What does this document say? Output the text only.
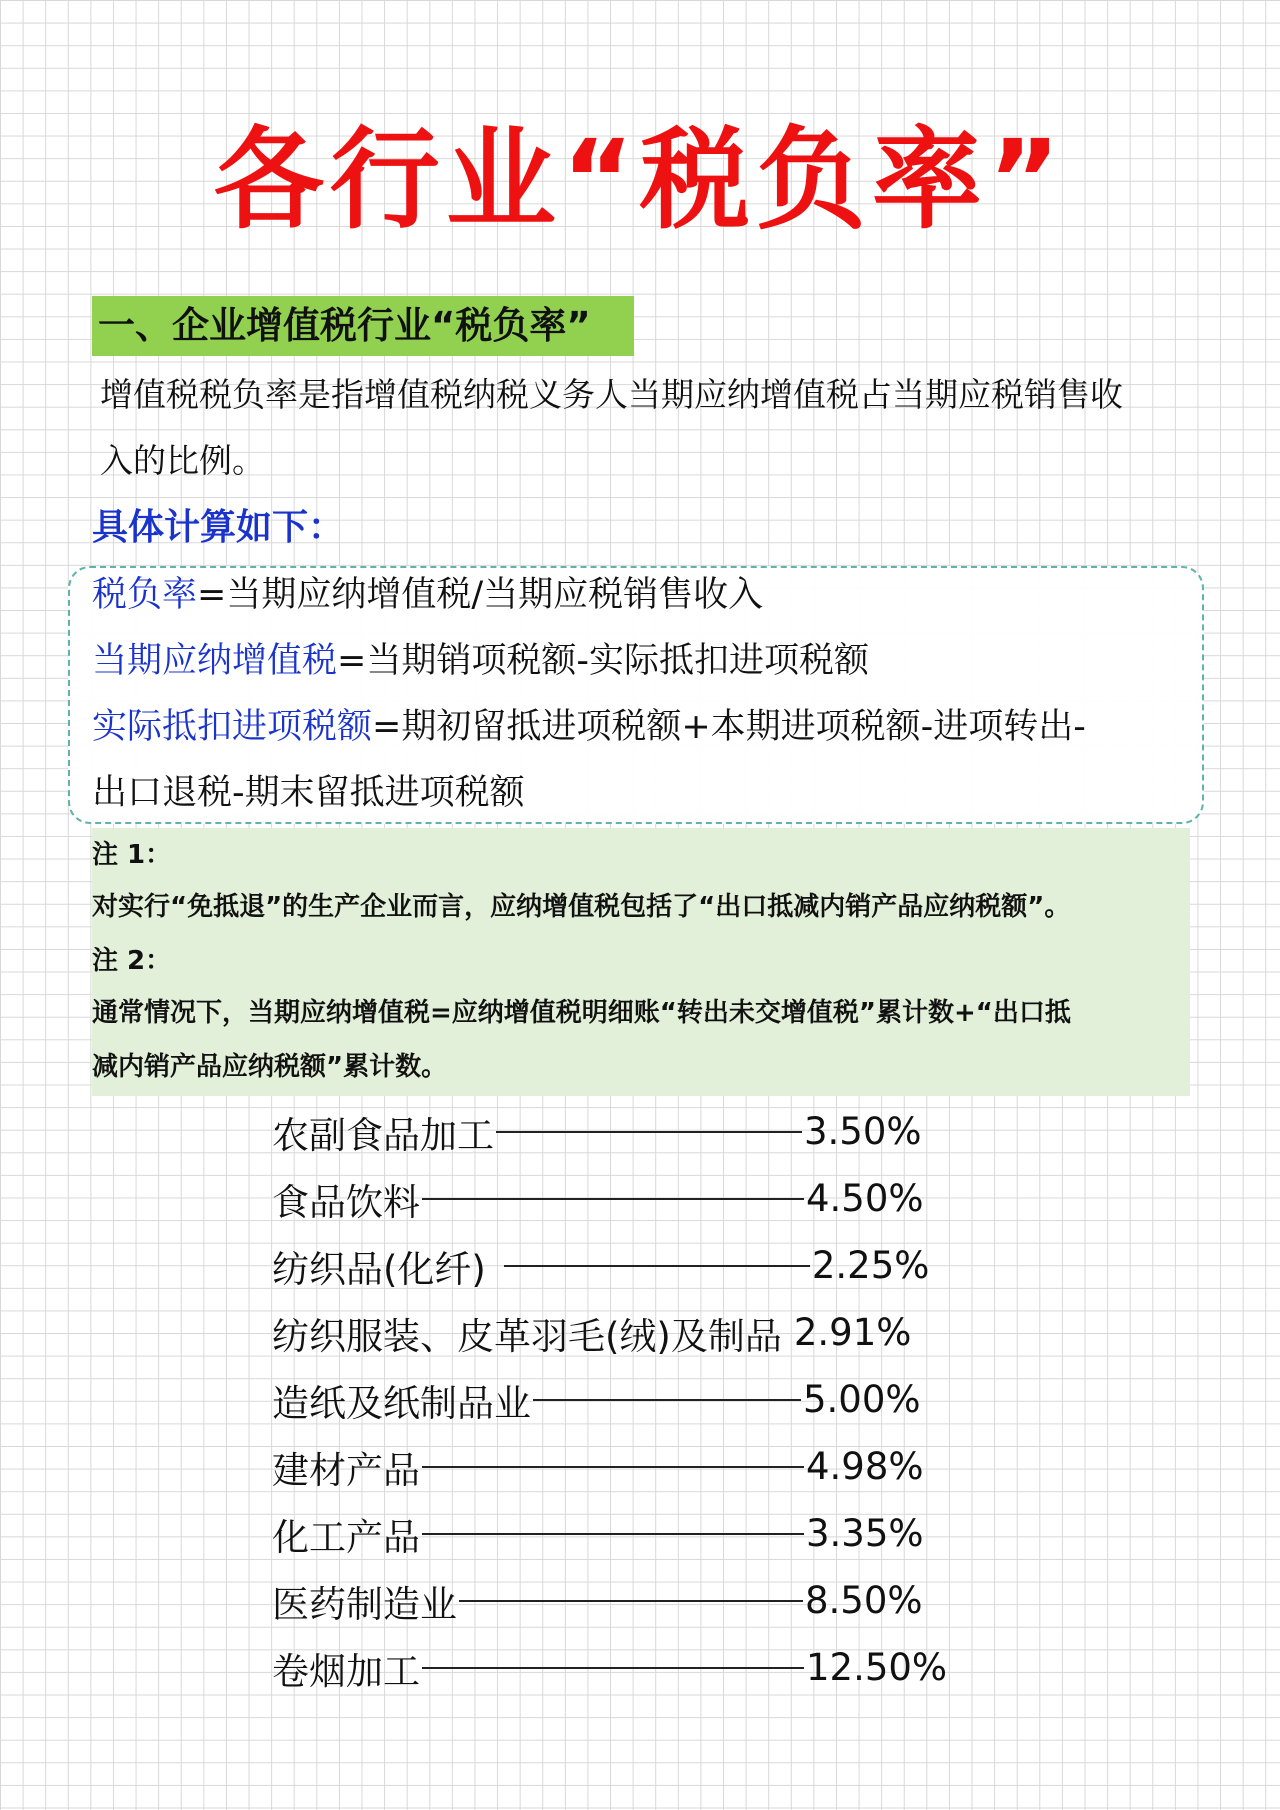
各行业“税负率”
一、企业增值税行业“税负率”
增值税税负率是指增值税纳税义务人当期应纳增值税占当期应税销售收
入的比例。
具体计算如下：
税负率=当期应纳增值税/当期应税销售收入
当期应纳增值税=当期销项税额-实际抵扣进项税额
实际抵扣进项税额=期初留抵进项税额+本期进项税额-进项转出-
出口退税-期末留抵进项税额
注 1：
对实行“免抵退”的生产企业而言，应纳增值税包括了“出口抵减内销产品应纳税额”。
注 2：
通常情况下，当期应纳增值税=应纳增值税明细账“转出未交增值税”累计数+“出口抵
减内销产品应纳税额”累计数。
农副食品加工	3.50%
食品饮料	4.50%
纺织品(化纤)	2.25%
纺织服装、皮革羽毛(绒)及制品 2.91%
造纸及纸制品业	5.00%
建材产品	4.98%
化工产品	3.35%
医药制造业	8.50%
卷烟加工	12.50%
